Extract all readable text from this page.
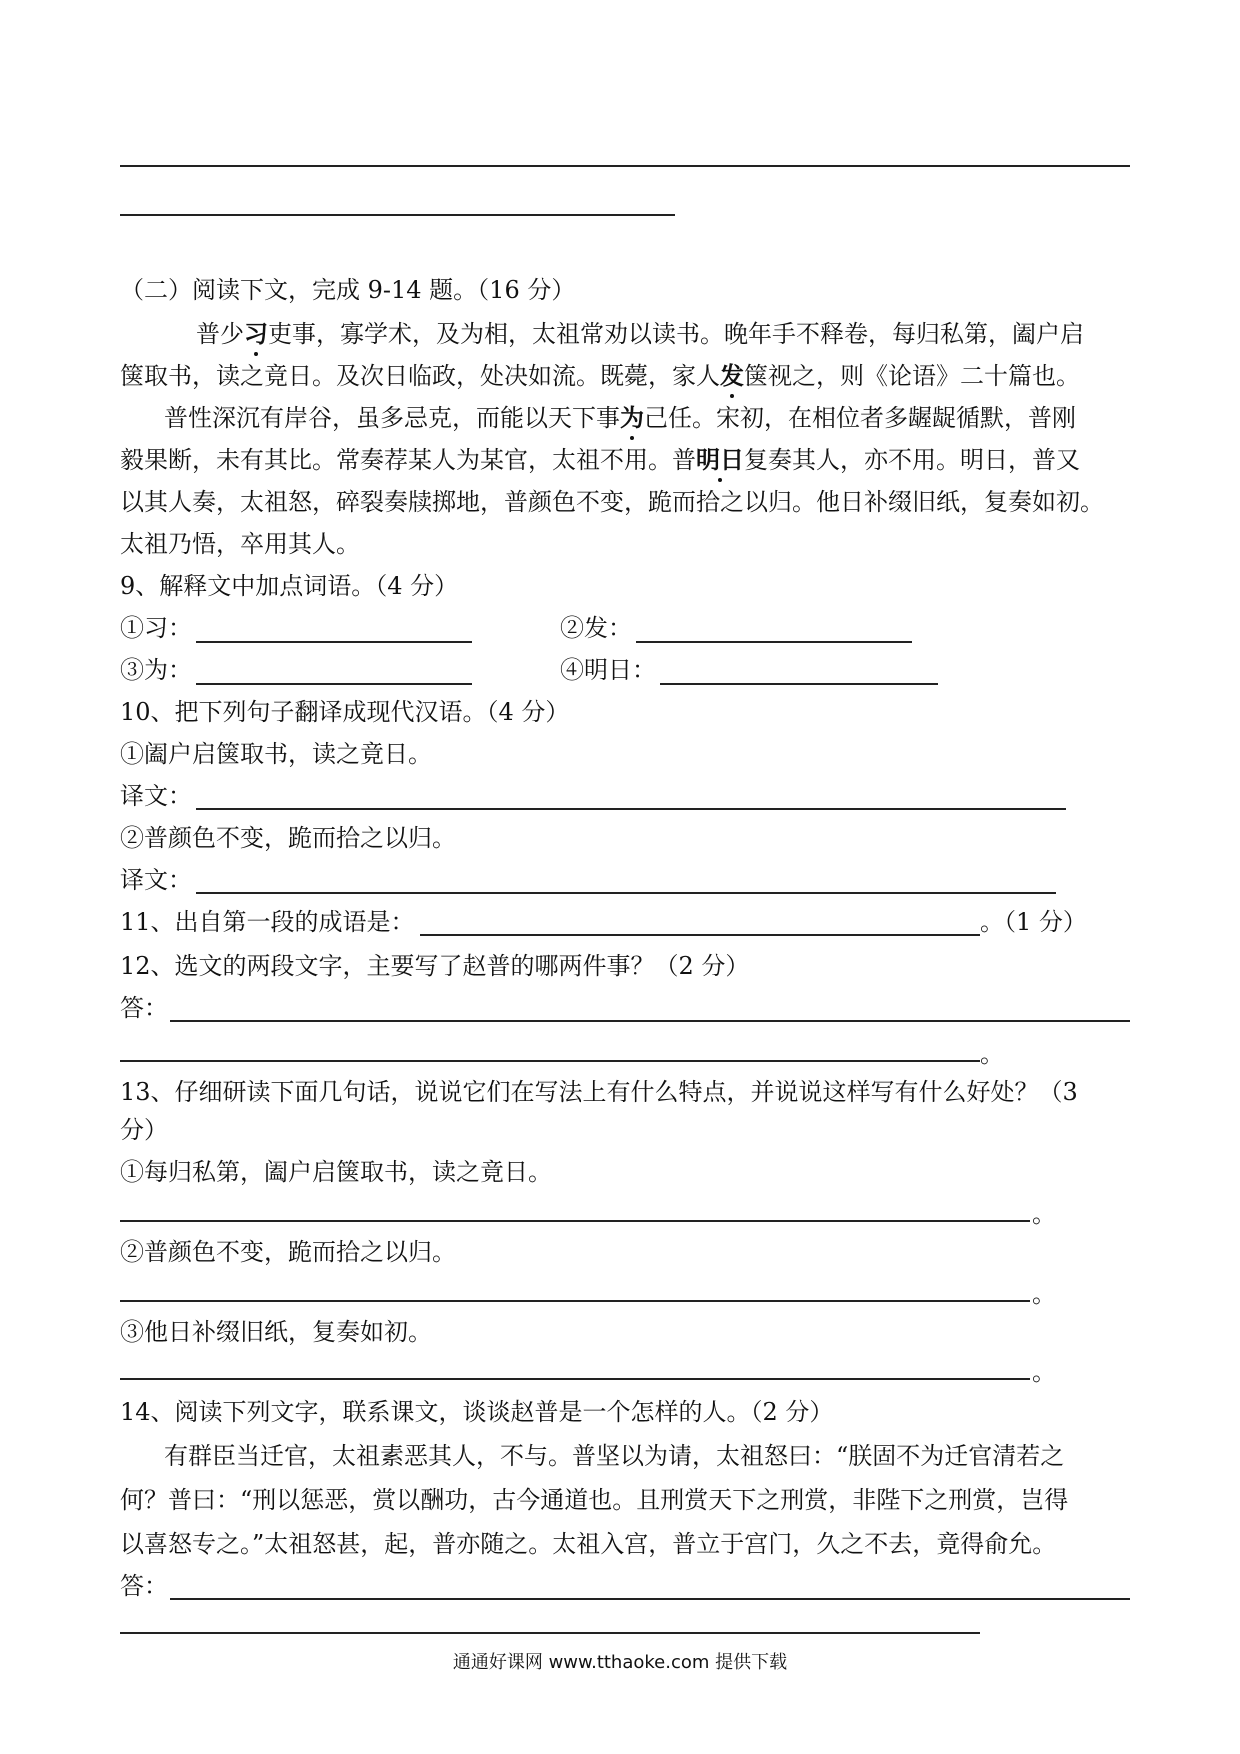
（二）阅读下文，完成 9-14 题。（16 分）
普少习吏事，寡学术，及为相，太祖常劝以读书。晚年手不释卷，每归私第，阖户启
箧取书，读之竟日。及次日临政，处决如流。既薨，家人发箧视之，则《论语》二十篇也。
普性深沉有岸谷，虽多忌克，而能以天下事为己任。宋初，在相位者多龌龊循默，普刚
毅果断，未有其比。常奏荐某人为某官，太祖不用。普明日复奏其人，亦不用。明日，普又
以其人奏，太祖怒，碎裂奏牍掷地，普颜色不变，跪而拾之以归。他日补缀旧纸，复奏如初。
太祖乃悟，卒用其人。
9、解释文中加点词语。（4 分）
①习：	②发：
③为：	④明日：
10、把下列句子翻译成现代汉语。（4 分）
①阖户启箧取书，读之竟日。
译文：
②普颜色不变，跪而拾之以归。
译文：
11、出自第一段的成语是：	。（1 分）
12、选文的两段文字，主要写了赵普的哪两件事？（2 分）
答：
。
13、仔细研读下面几句话，说说它们在写法上有什么特点，并说说这样写有什么好处？（3
分）
①每归私第，阖户启箧取书，读之竟日。
。
②普颜色不变，跪而拾之以归。
。
③他日补缀旧纸，复奏如初。
。
14、阅读下列文字，联系课文，谈谈赵普是一个怎样的人。（2 分）
有群臣当迁官，太祖素恶其人，不与。普坚以为请，太祖怒曰：“朕固不为迁官清若之
何？普曰：“刑以惩恶，赏以酬功，古今通道也。且刑赏天下之刑赏，非陛下之刑赏，岂得
以喜怒专之。”太祖怒甚，起，普亦随之。太祖入宫，普立于宫门，久之不去，竟得俞允。
答：
通通好课网 www.tthaoke.com 提供下载
